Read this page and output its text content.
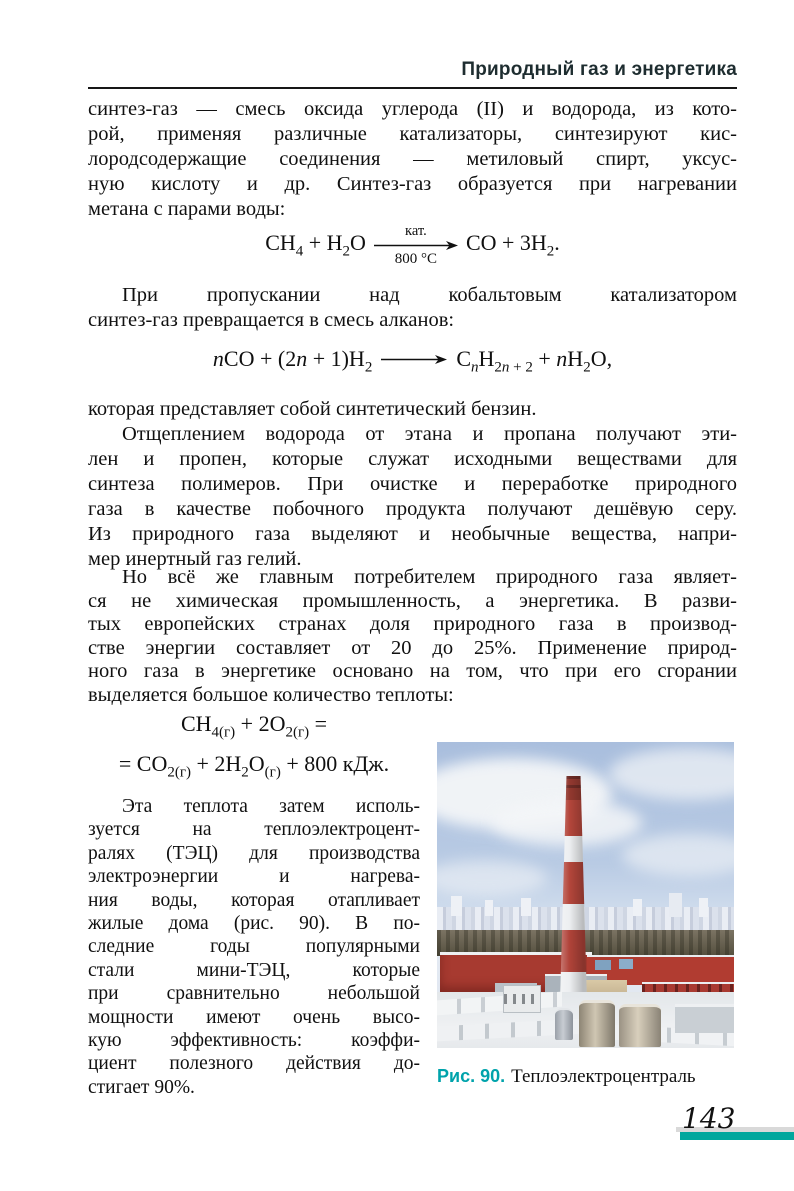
Природный газ и энергетика
синтез-газ — смесь оксида углерода (II) и водорода, из кото-
рой, применяя различные катализаторы, синтезируют кис-
лородсодержащие соединения — метиловый спирт, уксус-
ную кислоту и др. Синтез-газ образуется при нагревании
метана с парами воды:
$CH_4 + H_2O$	кат.
800 °C
CO + $3H_2$.
При пропускании над кобальтовым катализатором
синтез-газ превращается в смесь алканов:
nCO + $(2n + 1)H_2$	$C_nH_{2n + 2} + nH_2O$,
которая представляет собой синтетический бензин.
Отщеплением водорода от этана и пропана получают эти-
лен и пропен, которые служат исходными веществами для
синтеза полимеров. При очистке и переработке природного
газа в качестве побочного продукта получают дешёвую серу.
Из природного газа выделяют и необычные вещества, напри-
мер инертный газ гелий.
Но всё же главным потребителем природного газа являет-
ся не химическая промышленность, а энергетика. В разви-
тых европейских странах доля природного газа в производ-
стве энергии составляет от 20 до 25%. Применение природ-
ного газа в энергетике основано на том, что при его сгорании
выделяется большое количество теплоты:
$CH_{4(г)} + 2O_{2(г)}$ =
= $CO_{2(г)} + 2H_2O_{(г)} + 800$ кДж.
Эта теплота затем исполь-
зуется на теплоэлектроцент-
ралях (ТЭЦ) для производства
электроэнергии и нагрева-
ния воды, которая отапливает
жилые дома (рис. 90). В по-
следние годы популярными
стали мини-ТЭЦ, которые
при сравнительно небольшой
мощности имеют очень высо-
кую эффективность: коэффи-
циент полезного действия до-
стигает 90%.
Рис. 90. Теплоэлектроцентраль
143
